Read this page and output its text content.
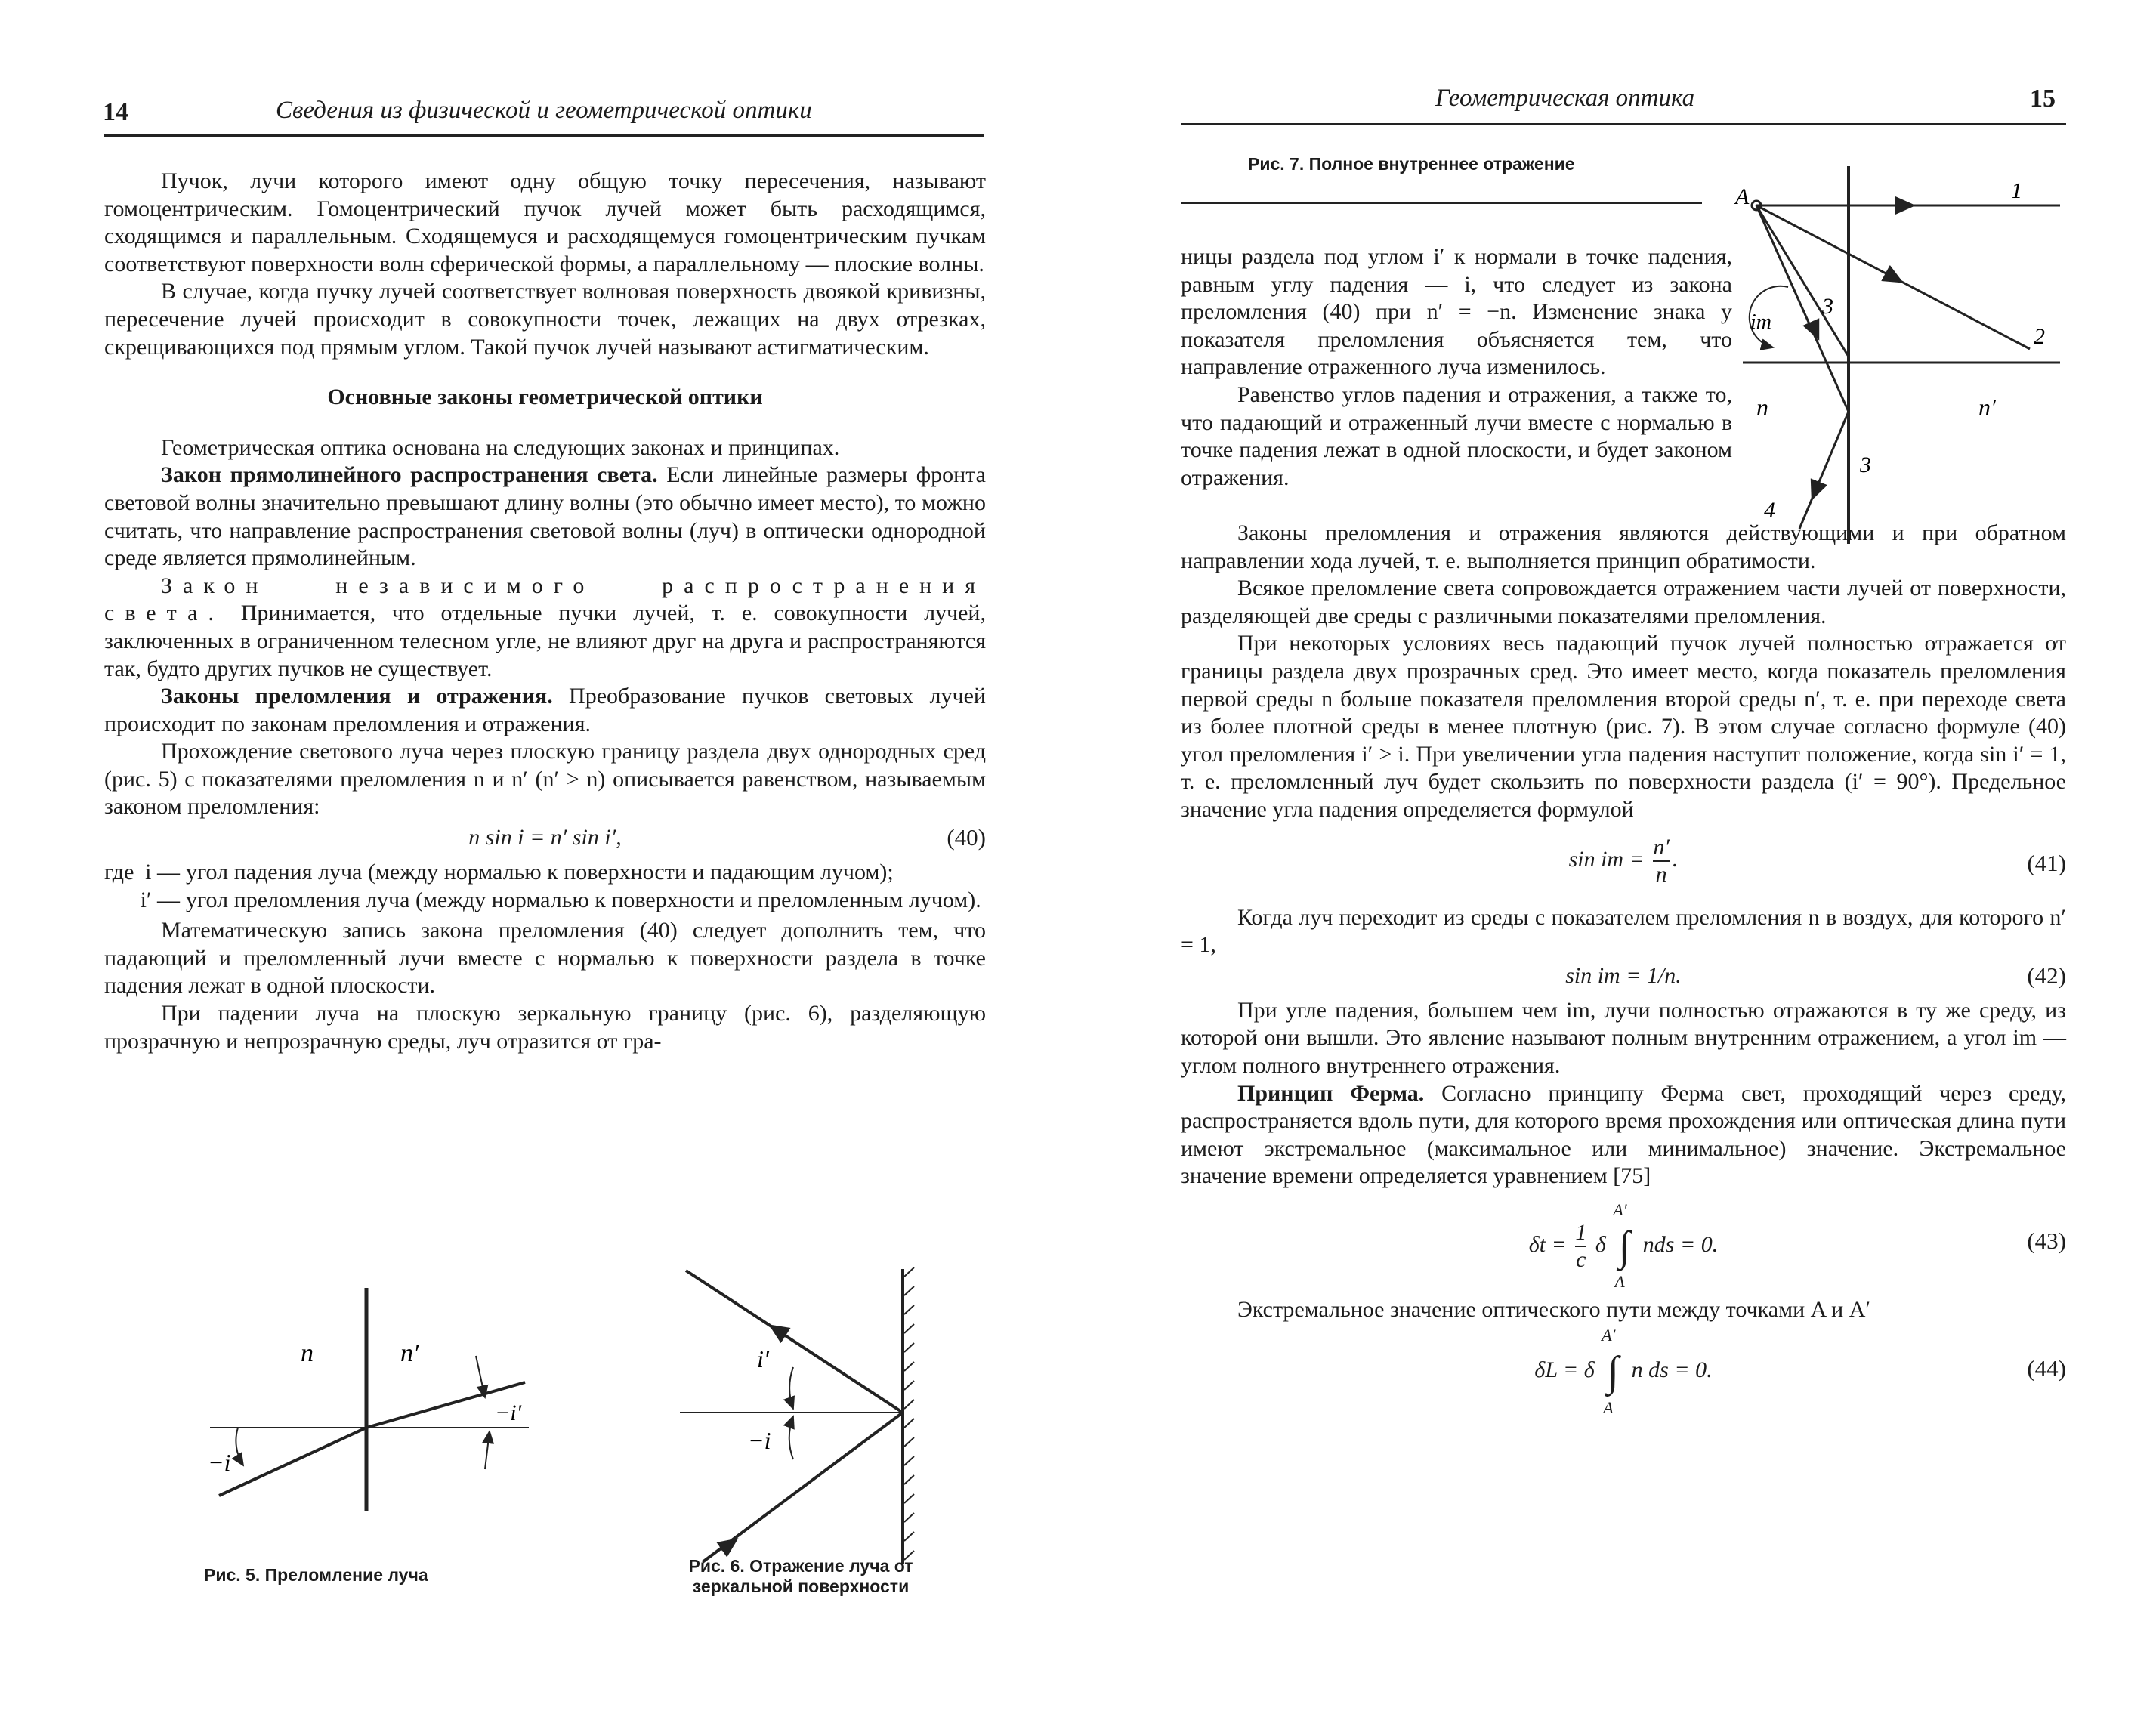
14	Сведения из физической и геометрической оптики

Пучок, лучи которого имеют одну общую точку пересечения, называют гомоцентрическим. Гомоцентрический пучок лучей может быть расходящимся, сходящимся и параллельным. Сходящемуся и расходящемуся гомоцентрическим пучкам соответствуют поверхности волн сферической формы, а параллельному — плоские волны.

В случае, когда пучку лучей соответствует волновая поверхность двоякой кривизны, пересечение лучей происходит в совокупности точек, лежащих на двух отрезках, скрещивающихся под прямым углом. Такой пучок лучей называют астигматическим.

Основные законы геометрической оптики

Геометрическая оптика основана на следующих законах и принципах.

Закон прямолинейного распространения света. Если линейные размеры фронта световой волны значительно превышают длину волны (это обычно имеет место), то можно считать, что направление распространения световой волны (луч) в оптически однородной среде является прямолинейным.

Закон независимого распространения света. Принимается, что отдельные пучки лучей, т. е. совокупности лучей, заключенных в ограниченном телесном угле, не влияют друг на друга и распространяются так, будто других пучков не существует.

Законы преломления и отражения. Преобразование пучков световых лучей происходит по законам преломления и отражения.

Прохождение светового луча через плоскую границу раздела двух однородных сред (рис. 5) с показателями преломления n и n′ (n′ > n) описывается равенством, называемым законом преломления:

n sin i = n′ sin i′,	(40)
где i — угол падения луча (между нормалью к поверхности и падающим лучом);
i′ — угол преломления луча (между нормалью к поверхности и преломленным лучом).

Математическую запись закона преломления (40) следует дополнить тем, что падающий и преломленный лучи вместе с нормалью к поверхности раздела в точке падения лежат в одной плоскости.

При падении луча на плоскую зеркальную границу (рис. 6), разделяющую прозрачную и непрозрачную среды, луч отразится от гра-

n	n′
−i
−i′
Рис. 5. Преломление луча
i′
−i
Рис. 6. Отражение луча от зеркальной поверхности
Геометрическая оптика	15
Рис. 7. Полное внутреннее отражение
A	1
2
3
3
4
im
n	n′

ницы раздела под углом i′ к нормали в точке падения, равным углу падения — i, что следует из закона преломления (40) при n′ = −n. Изменение знака у показателя преломления объясняется тем, что направление отраженного луча изменилось.

Равенство углов падения и отражения, а также то, что падающий и отраженный лучи вместе с нормалью в точке падения лежат в одной плоскости, и будет законом отражения.

Законы преломления и отражения являются действующими и при обратном направлении хода лучей, т. е. выполняется принцип обратимости.

Всякое преломление света сопровождается отражением части лучей от поверхности, разделяющей две среды с различными показателями преломления.

При некоторых условиях весь падающий пучок лучей полностью отражается от границы раздела двух прозрачных сред. Это имеет место, когда показатель преломления первой среды n больше показателя преломления второй среды n′, т. е. при переходе света из более плотной среды в менее плотную (рис. 7). В этом случае согласно формуле (40) угол преломления i′ > i. При увеличении угла падения наступит положение, когда sin i′ = 1, т. е. преломленный луч будет скользить по поверхности раздела (i′ = 90°). Предельное значение угла падения определяется формулой

sin im = $\frac{n'}{n}$ .	(41)

Когда луч переходит из среды с показателем преломления n в воздух, для которого n′ = 1,

sin im = 1/n.	(42)

При угле падения, большем чем im, лучи полностью отражаются в ту же среду, из которой они вышли. Это явление называют полным внутренним отражением, а угол im — углом полного внутреннего отражения.

Принцип Ферма. Согласно принципу Ферма свет, проходящий через среду, распространяется вдоль пути, для которого время прохождения или оптическая длина пути имеют экстремальное (максимальное или минимальное) значение. Экстремальное значение времени определяется уравнением [75]

$\delta t = \frac{1}{c}$ δ
A′
∫
A
nds = 0.	(43)

Экстремальное значение оптического пути между точками A и A′

δL = δ
A′
∫
A
n ds = 0.	(44)
